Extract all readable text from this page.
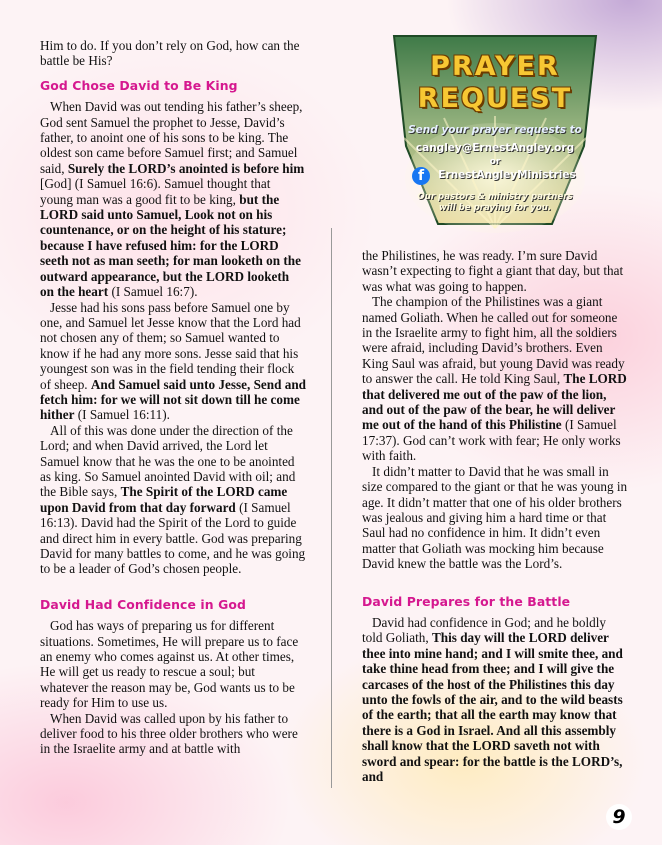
Him to do. If you don’t rely on God, how can the battle be His?

God Chose David to Be King

When David was out tending his father’s sheep, God sent Samuel the prophet to Jesse, David’s father, to anoint one of his sons to be king. The oldest son came before Samuel first; and Samuel said, Surely the LORD’s anointed is before him [God] (I Samuel 16:6). Samuel thought that young man was a good fit to be king, but the LORD said unto Samuel, Look not on his countenance, or on the height of his stature; because I have refused him: for the LORD seeth not as man seeth; for man looketh on the outward appearance, but the LORD looketh on the heart (I Samuel 16:7).

Jesse had his sons pass before Samuel one by one, and Samuel let Jesse know that the Lord had not chosen any of them; so Samuel wanted to know if he had any more sons. Jesse said that his youngest son was in the field tending their flock of sheep. And Samuel said unto Jesse, Send and fetch him: for we will not sit down till he come hither (I Samuel 16:11).

All of this was done under the direction of the Lord; and when David arrived, the Lord let Samuel know that he was the one to be anointed as king. So Samuel anointed David with oil; and the Bible says, The Spirit of the LORD came upon David from that day forward (I Samuel 16:13). David had the Spirit of the Lord to guide and direct him in every battle. God was preparing David for many battles to come, and he was going to be a leader of God’s chosen people.

David Had Confidence in God

God has ways of preparing us for different situations. Sometimes, He will prepare us to face an enemy who comes against us. At other times, He will get us ready to rescue a soul; but whatever the reason may be, God wants us to be ready for Him to use us.

When David was called upon by his father to deliver food to his three older brothers who were in the Israelite army and at battle with

the Philistines, he was ready. I’m sure David wasn’t expecting to fight a giant that day, but that was what was going to happen.

The champion of the Philistines was a giant named Goliath. When he called out for someone in the Israelite army to fight him, all the soldiers were afraid, including David’s brothers. Even King Saul was afraid, but young David was ready to answer the call. He told King Saul, The LORD that delivered me out of the paw of the lion, and out of the paw of the bear, he will deliver me out of the hand of this Philistine (I Samuel 17:37). God can’t work with fear; He only works with faith.

It didn’t matter to David that he was small in size compared to the giant or that he was young in age. It didn’t matter that one of his older brothers was jealous and giving him a hard time or that Saul had no confidence in him. It didn’t even matter that Goliath was mocking him because David knew the battle was the Lord’s.

David Prepares for the Battle

David had confidence in God; and he boldly told Goliath, This day will the LORD deliver thee into mine hand; and I will smite thee, and take thine head from thee; and I will give the carcases of the host of the Philistines this day unto the fowls of the air, and to the wild beasts of the earth; that all the earth may know that there is a God in Israel. And all this assembly shall know that the LORD saveth not with sword and spear: for the battle is the LORD’s, and

PRAYER
REQUEST
Send your prayer requests to
cangley@ErnestAngley.org
or
f	ErnestAngleyMinistries
Our pastors & ministry partners
will be praying for you.
9
